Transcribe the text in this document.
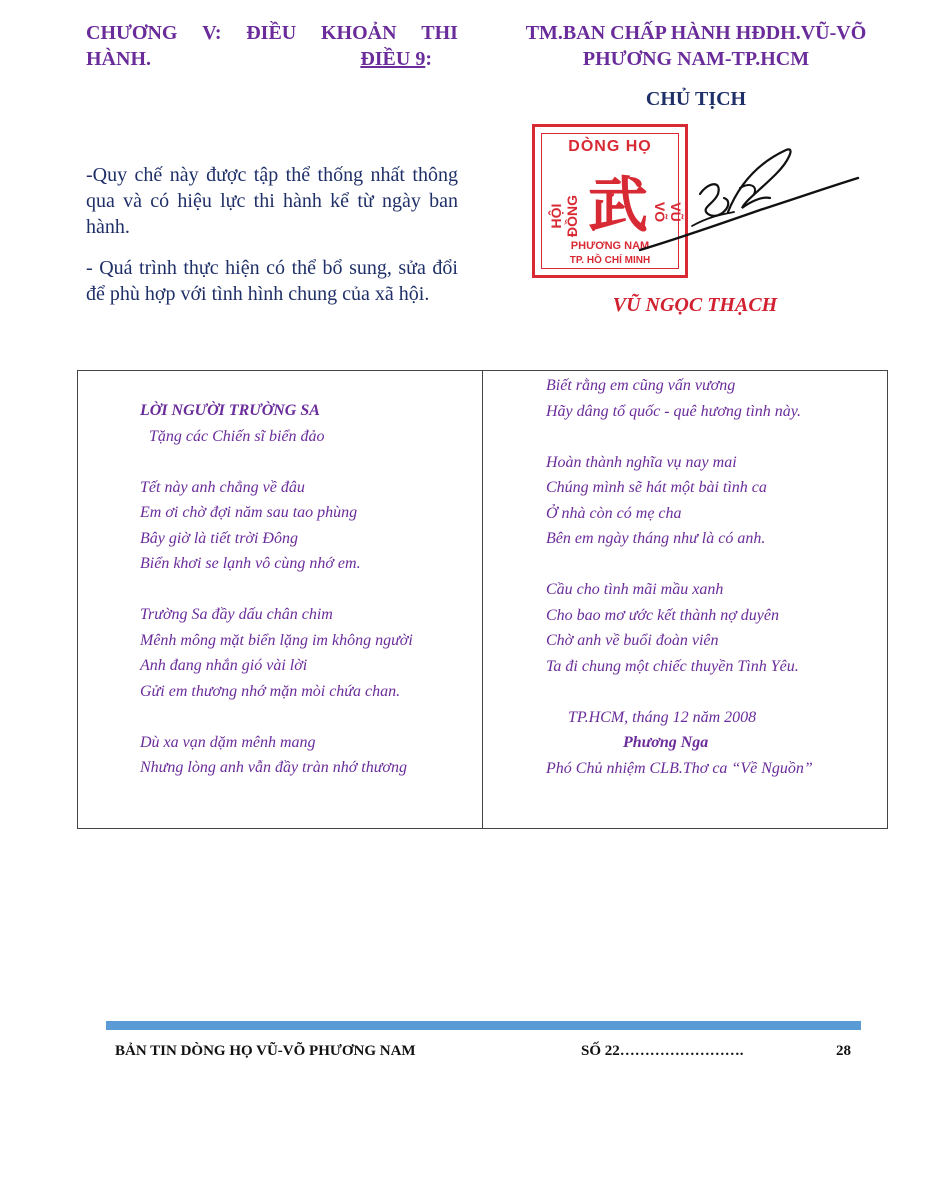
CHƯƠNG V: ĐIỀU KHOẢN THI
HÀNH.	ĐIỀU 9:
-Quy chế này được tập thể thống nhất thông qua và có hiệu lực thi hành kể từ ngày ban hành.
- Quá trình thực hiện có thể bổ sung, sửa đổi để phù hợp với tình hình chung của xã hội.
TM.BAN CHẤP HÀNH HĐDH.VŨ-VÕ
PHƯƠNG NAM-TP.HCM
CHỦ TỊCH
DÒNG HỌ
HỘI ĐỒNG	VŨ VÕ
武
PHƯƠNG NAM
TP. HỒ CHÍ MINH
VŨ NGỌC THẠCH
LỜI NGƯỜI TRƯỜNG SA
Tặng các Chiến sĩ biển đảo
Tết này anh chẳng về đâu
Em ơi chờ đợi năm sau tao phùng
Bây giờ là tiết trời Đông
Biển khơi se lạnh vô cùng nhớ em.
Trường Sa đầy dấu chân chim
Mênh mông mặt biển lặng im không người
Anh đang nhắn gió vài lời
Gửi em thương nhớ mặn mòi chứa chan.
Dù xa vạn dặm mênh mang
Nhưng lòng anh vẫn đầy tràn nhớ thương
Biết rằng em cũng vấn vương
Hãy dâng tổ quốc - quê hương tình này.
Hoàn thành nghĩa vụ nay mai
Chúng mình sẽ hát một bài tình ca
Ở nhà còn có mẹ cha
Bên em ngày tháng như là có anh.
Cầu cho tình mãi mầu xanh
Cho bao mơ ước kết thành nợ duyên
Chờ anh về buổi đoàn viên
Ta đi chung một chiếc thuyền Tình Yêu.
TP.HCM, tháng 12 năm 2008
Phương Nga
Phó Chủ nhiệm CLB.Thơ ca “Về Nguồn”
BẢN TIN DÒNG HỌ VŨ-VÕ PHƯƠNG NAM	SỐ 22…………………….	28
